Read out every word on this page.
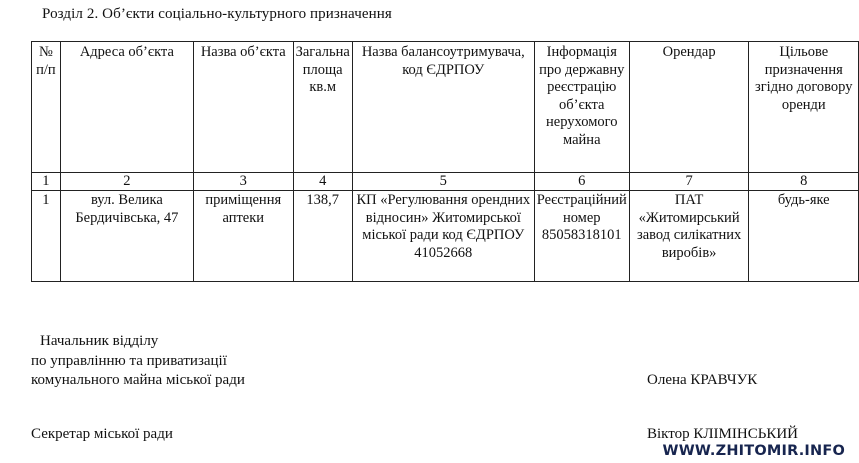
Розділ 2. Об’єкти соціально-культурного призначення
№ п/п	Адреса об’єкта	Назва об’єкта	Загальна площа кв.м	Назва балансоутримувача, код ЄДРПОУ	Інформація про державну реєстрацію об’єкта нерухомого майна	Орендар	Цільове призначення згідно договору оренди
1	2	3	4	5	6	7	8
1	вул. Велика Бердичівська, 47	приміщення аптеки	138,7	КП «Регулювання орендних відносин» Житомирської міської ради код ЄДРПОУ 41052668	Реєстраційний номер 85058318101	ПАТ «Житомирський завод силікатних виробів»	будь-яке
Начальник відділу
по управлінню та приватизації
комунального майна міської ради	Олена КРАВЧУК
Секретар міської ради	Віктор КЛІМІНСЬКИЙ
WWW.ZHITOMIR.INFO
